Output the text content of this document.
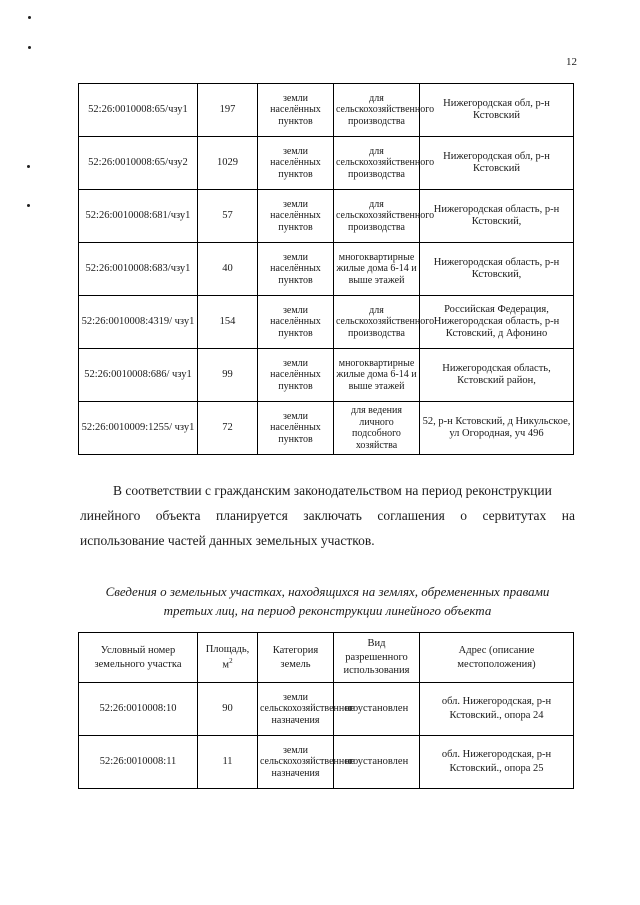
12
52:26:0010008:65/чзу1	197	земли населённых пунктов	для сельскохозяйственного производства	Нижегородская обл, р-н Кстовский
52:26:0010008:65/чзу2	1029	земли населённых пунктов	для сельскохозяйственного производства	Нижегородская обл, р-н Кстовский
52:26:0010008:681/чзу1	57	земли населённых пунктов	для сельскохозяйственного производства	Нижегородская область, р-н Кстовский,
52:26:0010008:683/чзу1	40	земли населённых пунктов	многоквартирные жилые дома 6-14 и выше этажей	Нижегородская область, р-н Кстовский,
52:26:0010008:4319/ чзу1	154	земли населённых пунктов	для сельскохозяйственного производства	Российская Федерация, Нижегородская область, р-н Кстовский, д Афонино
52:26:0010008:686/ чзу1	99	земли населённых пунктов	многоквартирные жилые дома 6-14 и выше этажей	Нижегородская область, Кстовский район,
52:26:0010009:1255/ чзу1	72	земли населённых пунктов	для ведения личного подсобного хозяйства	52, р-н Кстовский, д Никульское, ул Огородная, уч 496

В соответствии с гражданским законодательством на период реконструкции

линейного объекта планируется заключать соглашения о сервитутах на

использование частей данных земельных участков.

Сведения о земельных участках, находящихся на землях, обремененных правами
третьих лиц, на период реконструкции линейного объекта
Условный номер земельного участка	Площадь, $м^2$	Категория земель	Вид разрешенного использования	Адрес (описание местоположения)
52:26:0010008:10	90	земли сельскохозяйственного назначения	не установлен	обл. Нижегородская, р-н Кстовский., опора 24
52:26:0010008:11	11	земли сельскохозяйственного назначения	не установлен	обл. Нижегородская, р-н Кстовский., опора 25
